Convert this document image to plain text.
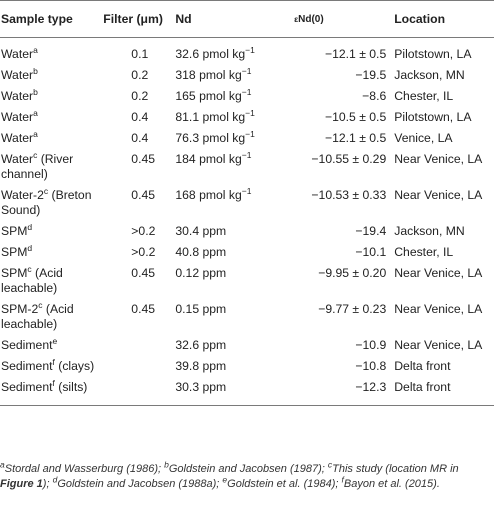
Sample type	Filter (μm)	Nd	εNd(0)	Location
Water$^a$	0.1	32.6 pmol $kg^{-1}$	−12.1 ± 0.5	Pilotstown, LA
Water$^b$	0.2	318 pmol $kg^{-1}$	−19.5	Jackson, MN
Water$^b$	0.2	165 pmol $kg^{-1}$	−8.6	Chester, IL
Water$^a$	0.4	81.1 pmol $kg^{-1}$	−10.5 ± 0.5	Pilotstown, LA
Water$^a$	0.4	76.3 pmol $kg^{-1}$	−12.1 ± 0.5	Venice, LA
Water$^c$ (River
channel)	0.45	184 pmol $kg^{-1}$	−10.55 ± 0.29	Near Venice, LA
Water-2$^c$ (Breton
Sound)	0.45	168 pmol $kg^{-1}$	−10.53 ± 0.33	Near Venice, LA
$SPM^d$	>0.2	30.4 ppm	−19.4	Jackson, MN
$SPM^d$	>0.2	40.8 ppm	−10.1	Chester, IL
SPM$^c$ (Acid
leachable)	0.45	0.12 ppm	−9.95 ± 0.20	Near Venice, LA
SPM-2$^c$ (Acid
leachable)	0.45	0.15 ppm	−9.77 ± 0.23	Near Venice, LA
Sediment$^e$		32.6 ppm	−10.9	Near Venice, LA
Sediment$^f$ (clays)		39.8 ppm	−10.8	Delta front
Sediment$^f$ (silts)		30.3 ppm	−12.3	Delta front
$^a$Stordal and Wasserburg (1986); $^b$Goldstein and Jacobsen (1987); $^c$This study (location MR in Figure 1); $^d$Goldstein and Jacobsen (1988a); $^e$Goldstein et al. (1984); $^f$Bayon et al. (2015).
